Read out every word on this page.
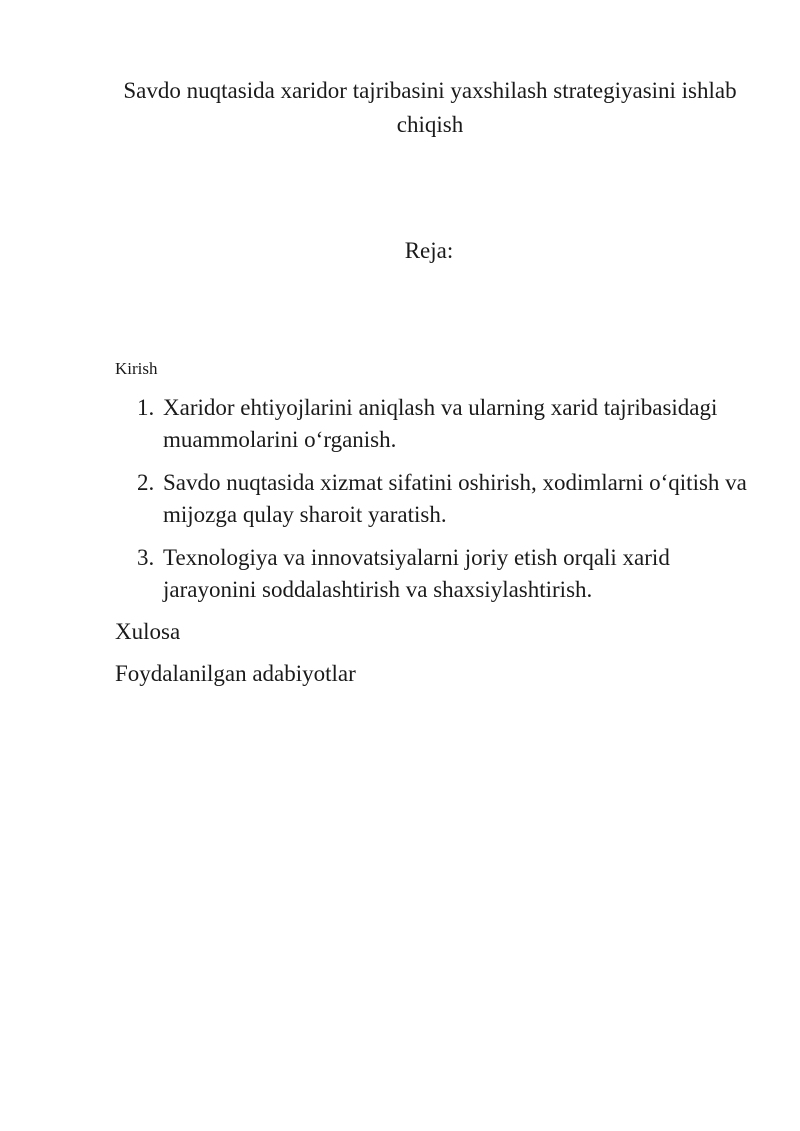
Savdo nuqtasida xaridor tajribasini yaxshilash strategiyasini ishlab chiqish
Reja:

Kirish

1. Xaridor ehtiyojlarini aniqlash va ularning xarid tajribasidagi muammolarini o‘rganish.
2. Savdo nuqtasida xizmat sifatini oshirish, xodimlarni o‘qitish va mijozga qulay sharoit yaratish.
3. Texnologiya va innovatsiyalarni joriy etish orqali xarid jarayonini soddalashtirish va shaxsiylashtirish.

Xulosa

Foydalanilgan adabiyotlar
